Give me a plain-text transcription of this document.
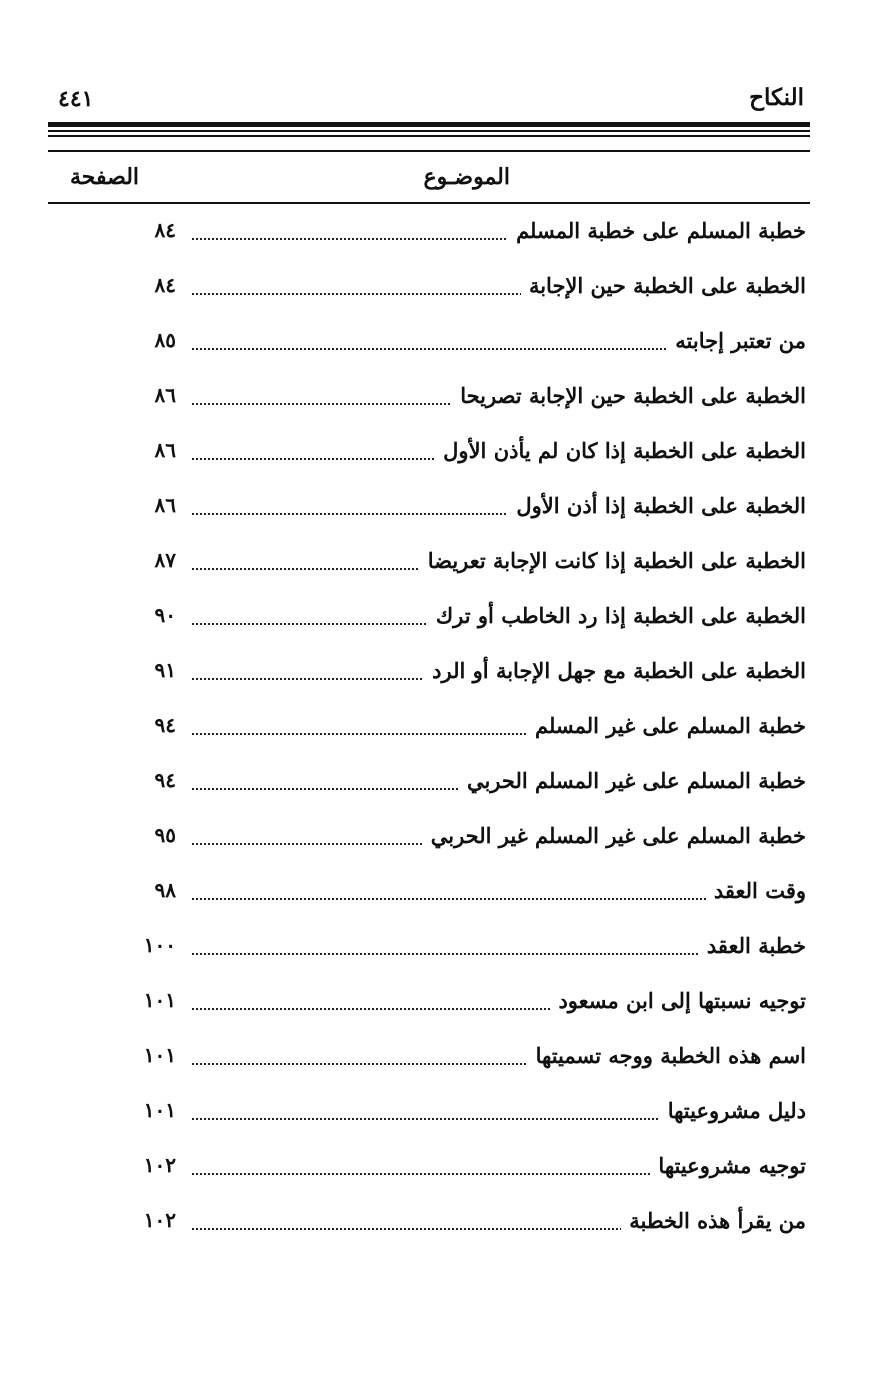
النكاح
٤٤١
الموضـوع
الصفحة
خطبة المسلم على خطبة المسلم
٨٤
الخطبة على الخطبة حين الإجابة
٨٤
من تعتبر إجابته
٨٥
الخطبة على الخطبة حين الإجابة تصريحا
٨٦
الخطبة على الخطبة إذا كان لم يأذن الأول
٨٦
الخطبة على الخطبة إذا أذن الأول
٨٦
الخطبة على الخطبة إذا كانت الإجابة تعريضا
٨٧
الخطبة على الخطبة إذا رد الخاطب أو ترك
٩٠
الخطبة على الخطبة مع جهل الإجابة أو الرد
٩١
خطبة المسلم على غير المسلم
٩٤
خطبة المسلم على غير المسلم الحربي
٩٤
خطبة المسلم على غير المسلم غير الحربي
٩٥
وقت العقد
٩٨
خطبة العقد
١٠٠
توجيه نسبتها إلى ابن مسعود
١٠١
اسم هذه الخطبة ووجه تسميتها
١٠١
دليل مشروعيتها
١٠١
توجيه مشروعيتها
١٠٢
من يقرأ هذه الخطبة
١٠٢
